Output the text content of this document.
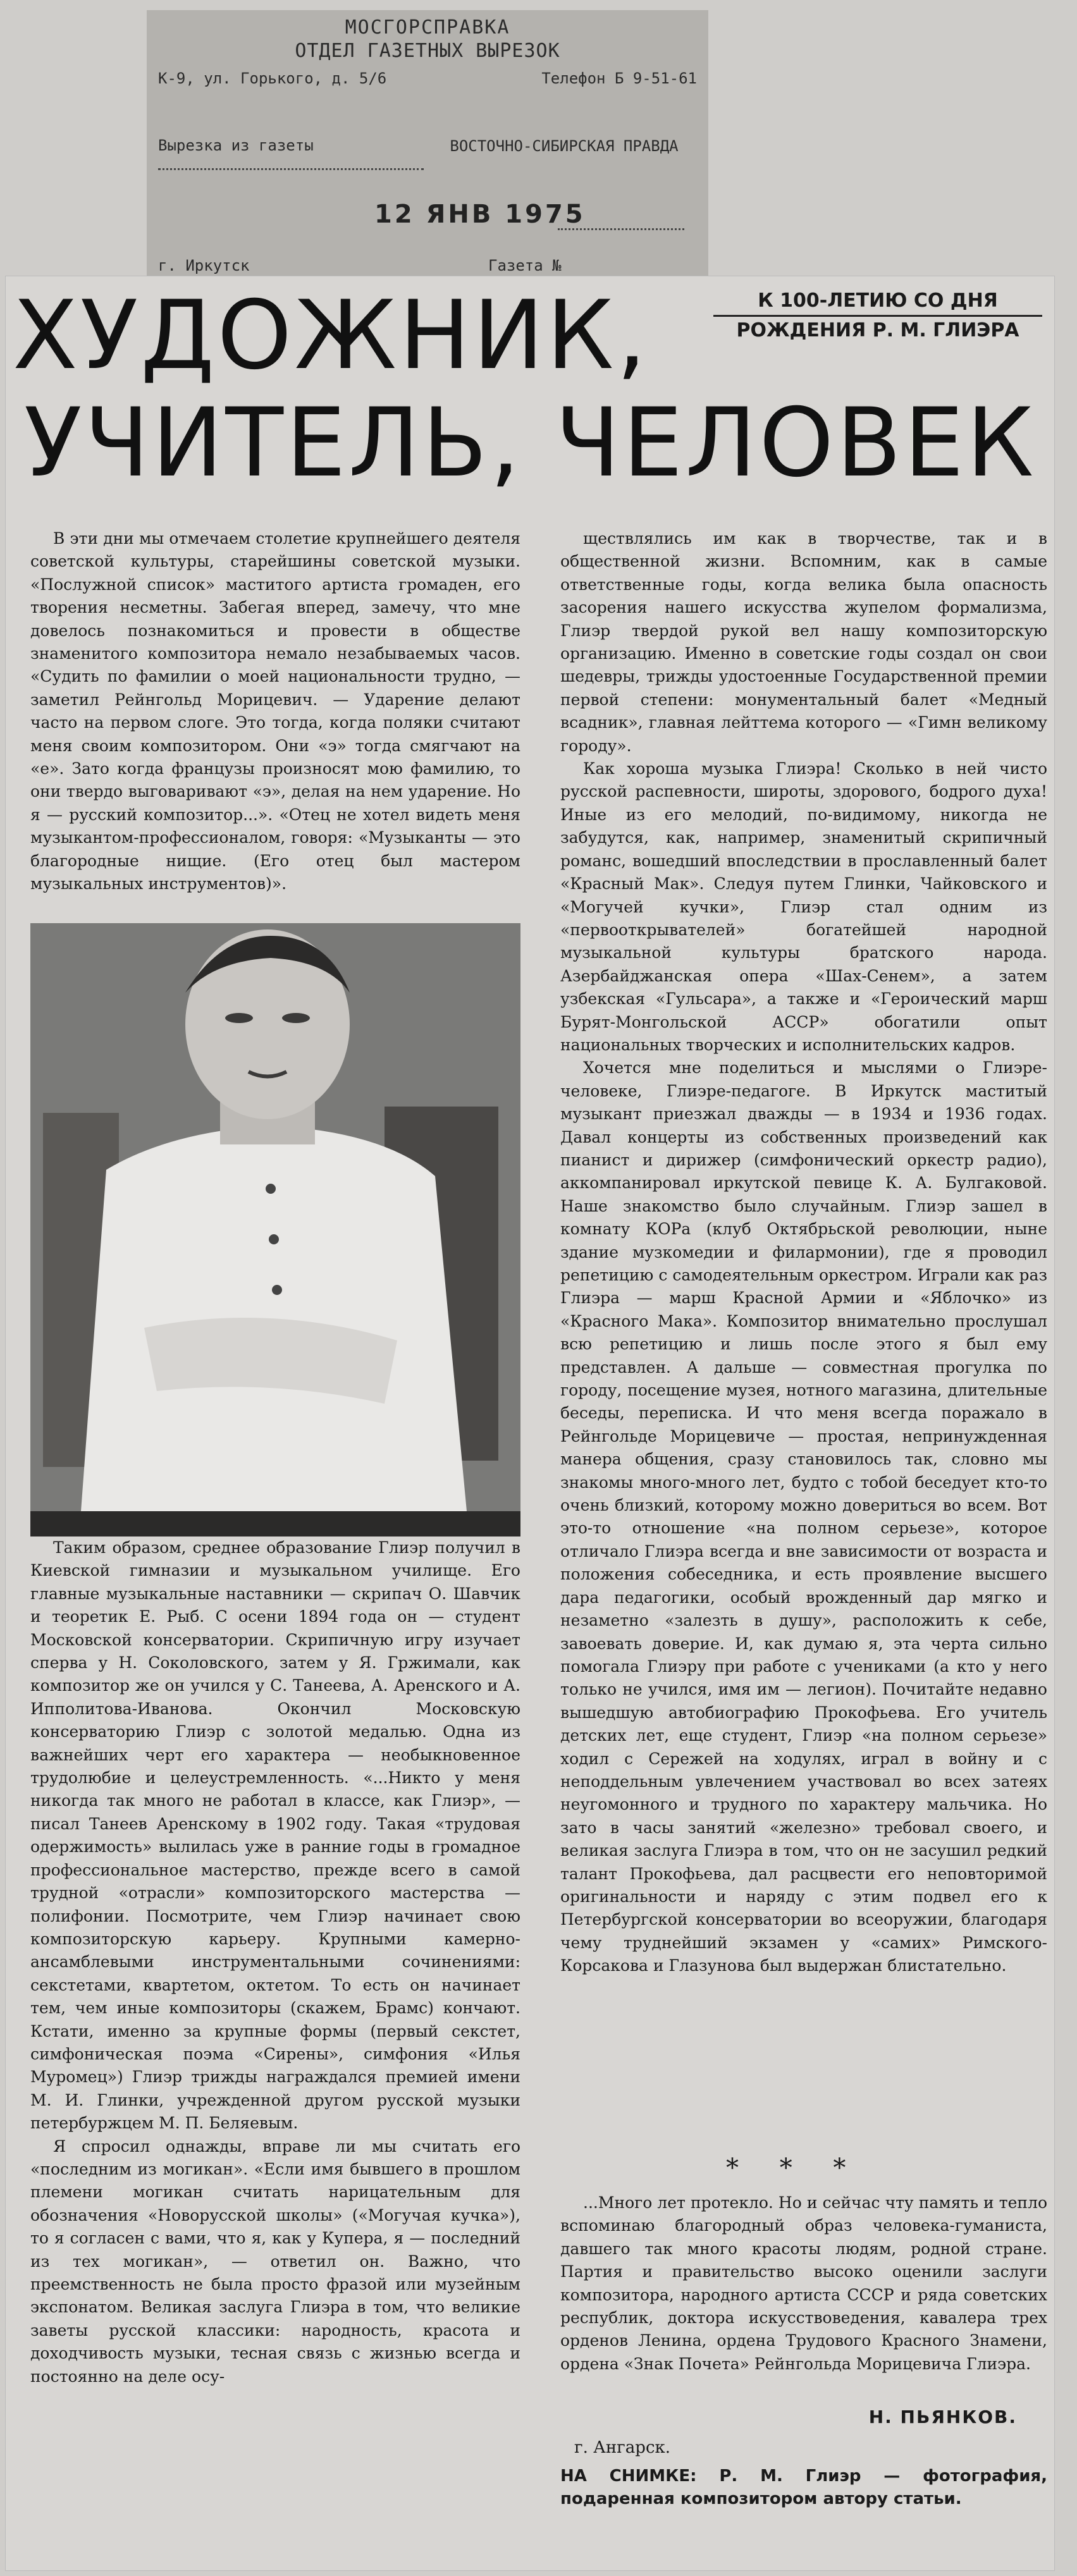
МОСГОРСПРАВКА
ОТДЕЛ ГАЗЕТНЫХ ВЫРЕЗОК
К-9, ул. Горького, д. 5/6	Телефон Б 9-51-61
Вырезка из газеты	ВОСТОЧНО-СИБИРСКАЯ ПРАВДА
12 ЯНВ 1975
г. Иркутск	Газета №
ХУДОЖНИК,
УЧИТЕЛЬ, ЧЕЛОВЕК
К 100-ЛЕТИЮ СО ДНЯ
РОЖДЕНИЯ Р. М. ГЛИЭРА

В эти дни мы отмечаем столетие крупнейшего деятеля советской культуры, старейшины советской музыки. «Послужной список» маститого артиста громаден, его творения несметны. Забегая вперед, замечу, что мне довелось познакомиться и провести в обществе знаменитого композитора немало незабываемых часов. «Судить по фамилии о моей национальности трудно, — заметил Рейнгольд Морицевич. — Ударение делают часто на первом слоге. Это тогда, когда поляки считают меня своим композитором. Они «э» тогда смягчают на «е». Зато когда французы произносят мою фамилию, то они твердо выговаривают «э», делая на нем ударение. Но я — русский композитор...». «Отец не хотел видеть меня музыкантом-профессионалом, говоря: «Музыканты — это благородные нищие. (Его отец был мастером музыкальных инструментов)».

Таким образом, среднее образование Глиэр получил в Киевской гимназии и музыкальном училище. Его главные музыкальные наставники — скрипач О. Шавчик и теоретик Е. Рыб. С осени 1894 года он — студент Московской консерватории. Скрипичную игру изучает сперва у Н. Соколовского, затем у Я. Гржимали, как композитор же он учился у С. Танеева, А. Аренского и А. Ипполитова-Иванова. Окончил Московскую консерваторию Глиэр с золотой медалью. Одна из важнейших черт его характера — необыкновенное трудолюбие и целеустремленность. «...Никто у меня никогда так много не работал в классе, как Глиэр», — писал Танеев Аренскому в 1902 году. Такая «трудовая одержимость» вылилась уже в ранние годы в громадное профессиональное мастерство, прежде всего в самой трудной «отрасли» композиторского мастерства — полифонии. Посмотрите, чем Глиэр начинает свою композиторскую карьеру. Крупными камерно-ансамблевыми инструментальными сочинениями: секстетами, квартетом, октетом. То есть он начинает тем, чем иные композиторы (скажем, Брамс) кончают. Кстати, именно за крупные формы (первый секстет, симфоническая поэма «Сирены», симфония «Илья Муромец») Глиэр трижды награждался премией имени М. И. Глинки, учрежденной другом русской музыки петербуржцем М. П. Беляевым.

Я спросил однажды, вправе ли мы считать его «последним из могикан». «Если имя бывшего в прошлом племени могикан считать нарицательным для обозначения «Новорусской школы» («Могучая кучка»), то я согласен с вами, что я, как у Купера, я — последний из тех могикан», — ответил он. Важно, что преемственность не была просто фразой или музейным экспонатом. Великая заслуга Глиэра в том, что великие заветы русской классики: народность, красота и доходчивость музыки, тесная связь с жизнью всегда и постоянно на деле осу-

ществлялись им как в творчестве, так и в общественной жизни. Вспомним, как в самые ответственные годы, когда велика была опасность засорения нашего искусства жупелом формализма, Глиэр твердой рукой вел нашу композиторскую организацию. Именно в советские годы создал он свои шедевры, трижды удостоенные Государственной премии первой степени: монументальный балет «Медный всадник», главная лейттема которого — «Гимн великому городу».

Как хороша музыка Глиэра! Сколько в ней чисто русской распевности, широты, здорового, бодрого духа! Иные из его мелодий, по-видимому, никогда не забудутся, как, например, знаменитый скрипичный романс, вошедший впоследствии в прославленный балет «Красный Мак». Следуя путем Глинки, Чайковского и «Могучей кучки», Глиэр стал одним из «первооткрывателей» богатейшей народной музыкальной культуры братского народа. Азербайджанская опера «Шах-Сенем», а затем узбекская «Гульсара», а также и «Героический марш Бурят-Монгольской АССР» обогатили опыт национальных творческих и исполнительских кадров.

Хочется мне поделиться и мыслями о Глиэре-человеке, Глиэре-педагоге. В Иркутск маститый музыкант приезжал дважды — в 1934 и 1936 годах. Давал концерты из собственных произведений как пианист и дирижер (симфонический оркестр радио), аккомпанировал иркутской певице К. А. Булгаковой. Наше знакомство было случайным. Глиэр зашел в комнату КОРа (клуб Октябрьской революции, ныне здание музкомедии и филармонии), где я проводил репетицию с самодеятельным оркестром. Играли как раз Глиэра — марш Красной Армии и «Яблочко» из «Красного Мака». Композитор внимательно прослушал всю репетицию и лишь после этого я был ему представлен. А дальше — совместная прогулка по городу, посещение музея, нотного магазина, длительные беседы, переписка. И что меня всегда поражало в Рейнгольде Морицевиче — простая, непринужденная манера общения, сразу становилось так, словно мы знакомы много-много лет, будто с тобой беседует кто-то очень близкий, которому можно довериться во всем. Вот это-то отношение «на полном серьезе», которое отличало Глиэра всегда и вне зависимости от возраста и положения собеседника, и есть проявление высшего дара педагогики, особый врожденный дар мягко и незаметно «залезть в душу», расположить к себе, завоевать доверие. И, как думаю я, эта черта сильно помогала Глиэру при работе с учениками (а кто у него только не учился, имя им — легион). Почитайте недавно вышедшую автобиографию Прокофьева. Его учитель детских лет, еще студент, Глиэр «на полном серьезе» ходил с Сережей на ходулях, играл в войну и с неподдельным увлечением участвовал во всех затеях неугомонного и трудного по характеру мальчика. Но зато в часы занятий «железно» требовал своего, и великая заслуга Глиэра в том, что он не засушил редкий талант Прокофьева, дал расцвести его неповторимой оригинальности и наряду с этим подвел его к Петербургской консерватории во всеоружии, благодаря чему труднейший экзамен у «самих» Римского-Корсакова и Глазунова был выдержан блистательно.

* * *

...Много лет протекло. Но и сейчас чту память и тепло вспоминаю благородный образ человека-гуманиста, давшего так много красоты людям, родной стране. Партия и правительство высоко оценили заслуги композитора, народного артиста СССР и ряда советских республик, доктора искусствоведения, кавалера трех орденов Ленина, ордена Трудового Красного Знамени, ордена «Знак Почета» Рейнгольда Морицевича Глиэра.

Н. ПЬЯНКОВ.
г. Ангарск.
НА СНИМКЕ: Р. М. Глиэр — фотография, подаренная композитором автору статьи.
